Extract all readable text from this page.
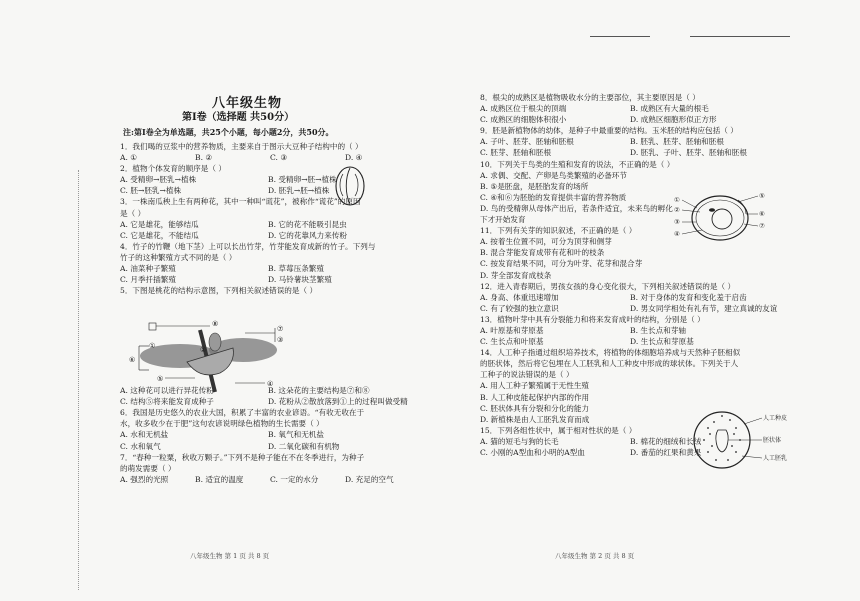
八年级生物
第Ⅰ卷（选择题 共50分）
注:第Ⅰ卷全为单选题，共25个小题，每小题2分，共50分。
1．我们喝的豆浆中的营养物质，主要来自于图示大豆种子结构中的（ ）
A. ①	B. ②	C. ③	D. ④
2．植物个体发育的顺序是（ ）
A. 受精卵→胚乳→植株	B. 受精卵→胚→植株
C. 胚→胚乳→植株	D. 胚乳→胚→植株
3．一株南瓜秧上生有两种花，其中一种叫“谎花”，被称作“谎花”的原因
是（ ）
A. 它是雄花，能够结瓜	B. 它的花不能吸引昆虫
C. 它是雄花，不能结瓜	D. 它的花靠风力来传粉
4．竹子的竹鞭（地下茎）上可以长出竹芽，竹芽能发育成新的竹子。下列与
竹子的这种繁殖方式不同的是（ ）
A. 油菜种子繁殖	B. 草莓压条繁殖
C. 月季扦插繁殖	D. 马铃薯块茎繁殖
5．下图是桃花的结构示意图，下列相关叙述错误的是（ ）
A. 这种花可以进行异花传粉	B. 这朵花的主要结构是⑦和⑧
C. 结构⑤将来能发育成种子	D. 花粉从②散放落到①上的过程叫做受精
6．我国是历史悠久的农业大国，积累了丰富的农业谚语。“有收无收在于
水，收多收少在于肥”这句农谚说明绿色植物的生长需要（ ）
A. 水和无机盐	B. 氧气和无机盐
C. 水和氧气	D. 二氧化碳和有机物
7．“春种一粒粟，秋收万颗子。”下列不是种子能在不在冬季进行，为种子
的萌发需要（ ）
A. 强烈的光照	B. 适宜的温度	C. 一定的水分	D. 充足的空气
8．根尖的成熟区是植物吸收水分的主要部位，其主要原因是（ ）
A. 成熟区位于根尖的顶端	B. 成熟区有大量的根毛
C. 成熟区的细胞体积很小	D. 成熟区细胞形似正方形
9．胚是新植物体的幼体，是种子中最重要的结构。玉米胚的结构应包括（ ）
A. 子叶、胚芽、胚轴和胚根	B. 胚乳、胚芽、胚轴和胚根
C. 胚芽、胚轴和胚根	D. 胚乳、子叶、胚芽、胚轴和胚根
10．下列关于鸟类的生殖和发育的说法，不正确的是（ ）
A. 求偶、交配、产卵是鸟类繁殖的必备环节
B. ⑤是胚盘，是胚胎发育的场所
C. ④和⑥为胚胎的发育提供丰富的营养物质
D. 鸟的受精卵从母体产出后，若条件适宜，未来鸟的孵化
下才开始发育
11．下列有关芽的知识叙述，不正确的是（ ）
A. 按着生位置不同，可分为顶芽和侧芽
B. 混合芽能发育成带有花和叶的枝条
C. 按发育结果不同，可分为叶芽、花芽和混合芽
D. 芽全部发育成枝条
12．进入青春期后，男孩女孩的身心变化很大，下列相关叙述错误的是（ ）
A. 身高、体重迅速增加	B. 对于身体的发育和变化羞于启齿
C. 有了较强的独立意识	D. 男女同学相处有礼有节，建立真诚的友谊
13．植物叶芽中具有分裂能力和将来发育成叶的结构，分别是（ ）
A. 叶原基和芽原基	B. 生长点和芽轴
C. 生长点和叶原基	D. 生长点和芽原基
14．人工种子指通过组织培养技术，将植物的体细胞培养成与天然种子胚相似
的胚状体，然后将它包埋在人工胚乳和人工种皮中形成的球状体。下列关于人
工种子的说法错误的是（ ）
A. 用人工种子繁殖属于无性生殖
B. 人工种皮能起保护内部的作用
C. 胚状体具有分裂和分化的能力
D. 新植株是由人工胚乳发育而成
15．下列各组性状中，属于相对性状的是（ ）
A. 猫的短毛与狗的长毛	B. 棉花的细绒和长绒
C. 小刚的A型血和小明的A型血	D. 番茄的红果和黄果
①	②
③
④
⑤
⑥
⑦
⑧
①
②
③
④
⑤
⑥
⑦
人工种皮
胚状体
人工胚乳
八年级生物 第 1 页 共 8 页	八年级生物 第 2 页 共 8 页
